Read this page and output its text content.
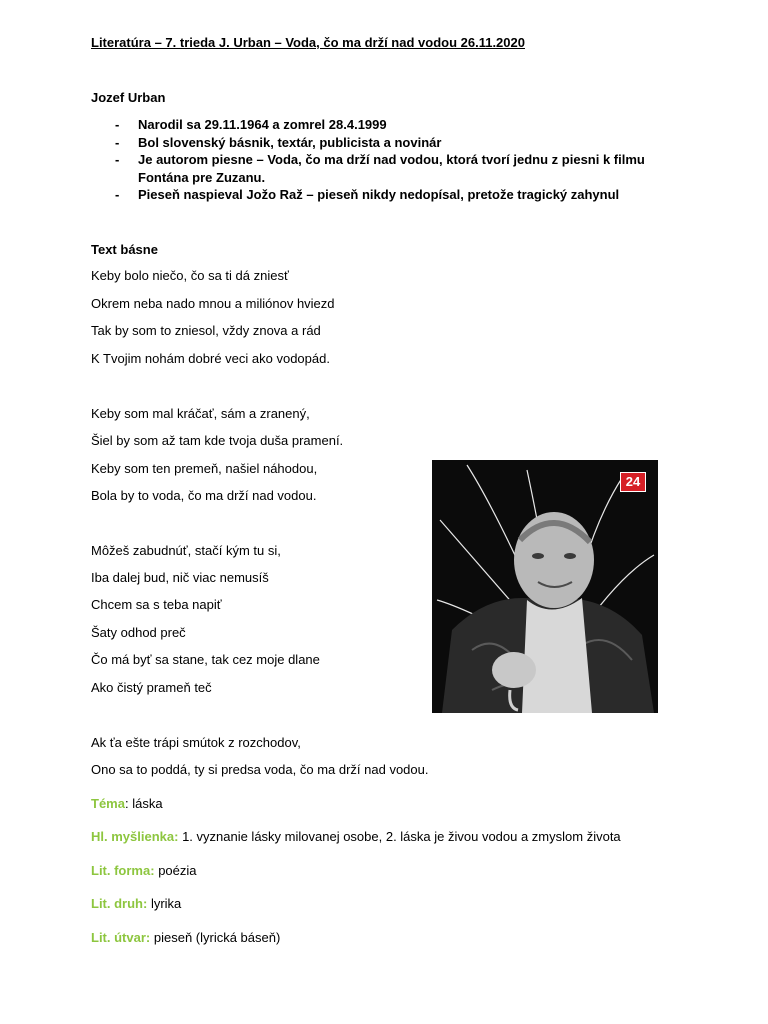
Literatúra – 7. trieda J. Urban – Voda, čo ma drží nad vodou 26.11.2020
Jozef Urban
- Narodil sa 29.11.1964 a zomrel 28.4.1999
- Bol slovenský básnik, textár, publicista a novinár
- Je autorom piesne – Voda, čo ma drží nad vodou, ktorá tvorí jednu z piesni k filmu Fontána pre Zuzanu.
- Pieseň naspieval Jožo Raž – pieseň nikdy nedopísal, pretože tragický zahynul
Text básne
Keby bolo niečo, čo sa ti dá zniesť
Okrem neba nado mnou a miliónov hviezd
Tak by som to zniesol, vždy znova a rád
K Tvojim nohám dobré veci ako vodopád.
Keby som mal kráčať, sám a zranený,
Šiel by som až tam kde tvoja duša pramení.
Keby som ten premeň, našiel náhodou,
Bola by to voda, čo ma drží nad vodou.
Môžeš zabudnúť, stačí kým tu si,
Iba dalej bud, nič viac nemusíš
Chcem sa s teba napiť
Šaty odhod preč
Čo má byť sa stane, tak cez moje dlane
Ako čistý prameň teč
Ak ťa ešte trápi smútok z rozchodov,
Ono sa to poddá, ty si predsa voda, čo ma drží nad vodou.
Téma: láska
Hl. myšlienka: 1. vyznanie lásky milovanej osobe, 2. láska je živou vodou a zmyslom života
Lit. forma: poézia
Lit. druh: lyrika
Lit. útvar: pieseň (lyrická báseň)
24
